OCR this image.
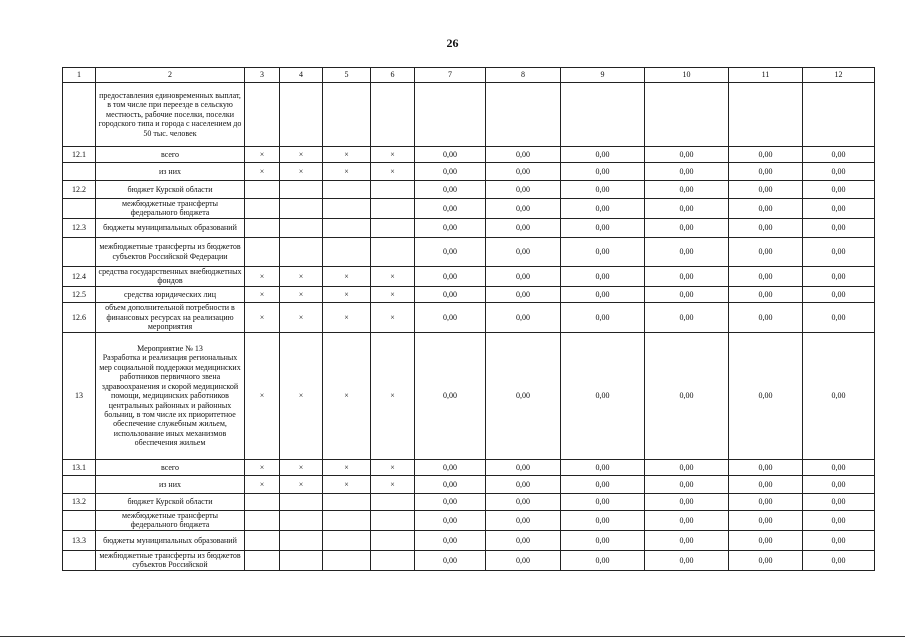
26
1	2	3	4	5	6	7	8	9	10	11	12
	предоставления единовременных выплат, в том числе при переезде в сельскую местность, рабочие поселки, поселки городского типа и города с населением до 50 тыс. человек										
12.1	всего	×	×	×	×	0,00	0,00	0,00	0,00	0,00	0,00
	из них	×	×	×	×	0,00	0,00	0,00	0,00	0,00	0,00
12.2	бюджет Курской области					0,00	0,00	0,00	0,00	0,00	0,00
	межбюджетные трансферты федерального бюджета					0,00	0,00	0,00	0,00	0,00	0,00
12.3	бюджеты муниципальных образований					0,00	0,00	0,00	0,00	0,00	0,00
	межбюджетные трансферты из бюджетов субъектов Российской Федерации					0,00	0,00	0,00	0,00	0,00	0,00
12.4	средства государственных внебюджетных фондов	×	×	×	×	0,00	0,00	0,00	0,00	0,00	0,00
12.5	средства юридических лиц	×	×	×	×	0,00	0,00	0,00	0,00	0,00	0,00
12.6	объем дополнительной потребности в финансовых ресурсах на реализацию мероприятия	×	×	×	×	0,00	0,00	0,00	0,00	0,00	0,00
13	Мероприятие № 13
Разработка и реализация региональных мер социальной поддержки медицинских работников первичного звена здравоохранения и скорой медицинской помощи, медицинских работников центральных районных и районных больниц, в том числе их приоритетное обеспечение служебным жильем, использование иных механизмов обеспечения жильем	×	×	×	×	0,00	0,00	0,00	0,00	0,00	0,00
13.1	всего	×	×	×	×	0,00	0,00	0,00	0,00	0,00	0,00
	из них	×	×	×	×	0,00	0,00	0,00	0,00	0,00	0,00
13.2	бюджет Курской области					0,00	0,00	0,00	0,00	0,00	0,00
	межбюджетные трансферты федерального бюджета					0,00	0,00	0,00	0,00	0,00	0,00
13.3	бюджеты муниципальных образований					0,00	0,00	0,00	0,00	0,00	0,00
	межбюджетные трансферты из бюджетов субъектов Российской					0,00	0,00	0,00	0,00	0,00	0,00
